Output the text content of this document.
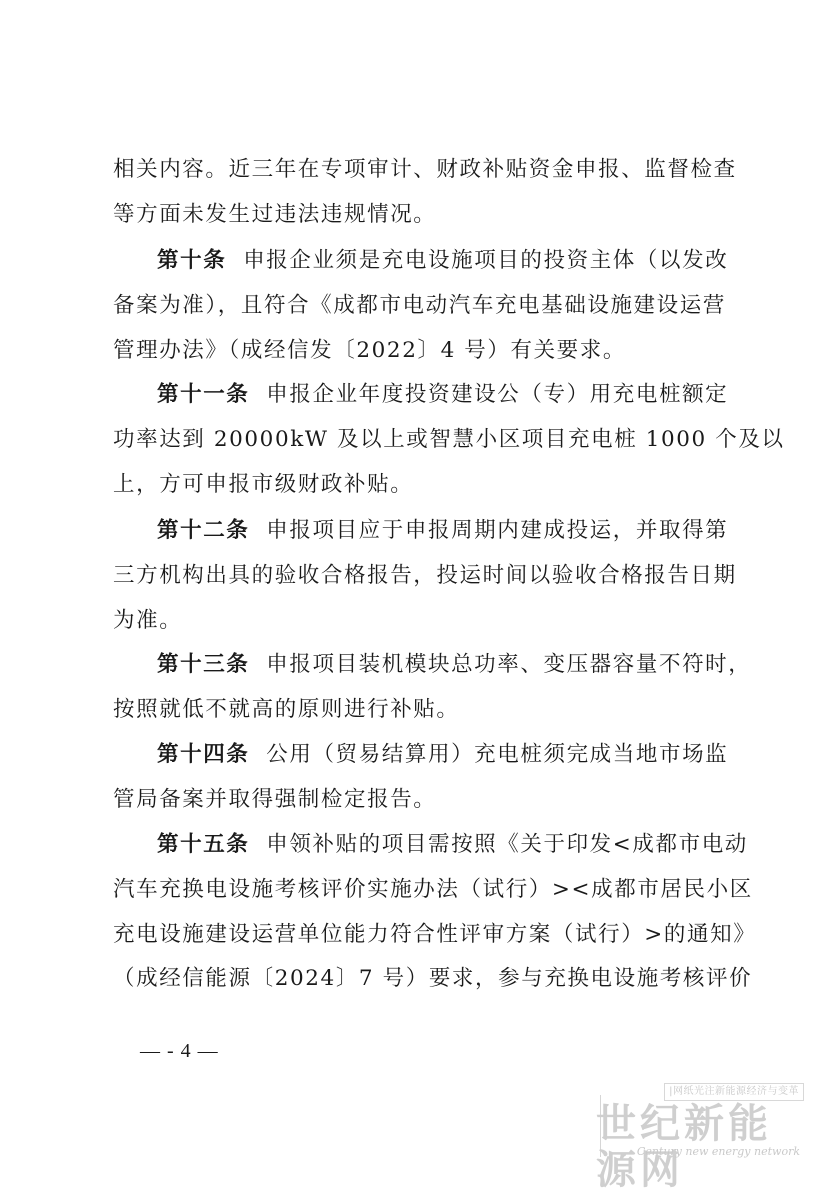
相关内容。近三年在专项审计、财政补贴资金申报、监督检查
等方面未发生过违法违规情况。
第十条 申报企业须是充电设施项目的投资主体（以发改
备案为准），且符合《成都市电动汽车充电基础设施建设运营
管理办法》（成经信发〔2022〕4 号）有关要求。
第十一条 申报企业年度投资建设公（专）用充电桩额定
功率达到 20000kW 及以上或智慧小区项目充电桩 1000 个及以
上，方可申报市级财政补贴。
第十二条 申报项目应于申报周期内建成投运，并取得第
三方机构出具的验收合格报告，投运时间以验收合格报告日期
为准。
第十三条 申报项目装机模块总功率、变压器容量不符时，
按照就低不就高的原则进行补贴。
第十四条 公用（贸易结算用）充电桩须完成当地市场监
管局备案并取得强制检定报告。
第十五条 申领补贴的项目需按照《关于印发<成都市电动
汽车充换电设施考核评价实施办法（试行）><成都市居民小区
充电设施建设运营单位能力符合性评审方案（试行）>的通知》
（成经信能源〔2024〕7 号）要求，参与充换电设施考核评价
— - 4 —
|网纸光注新能源经济与变革
世纪新能源网
Century new energy network
